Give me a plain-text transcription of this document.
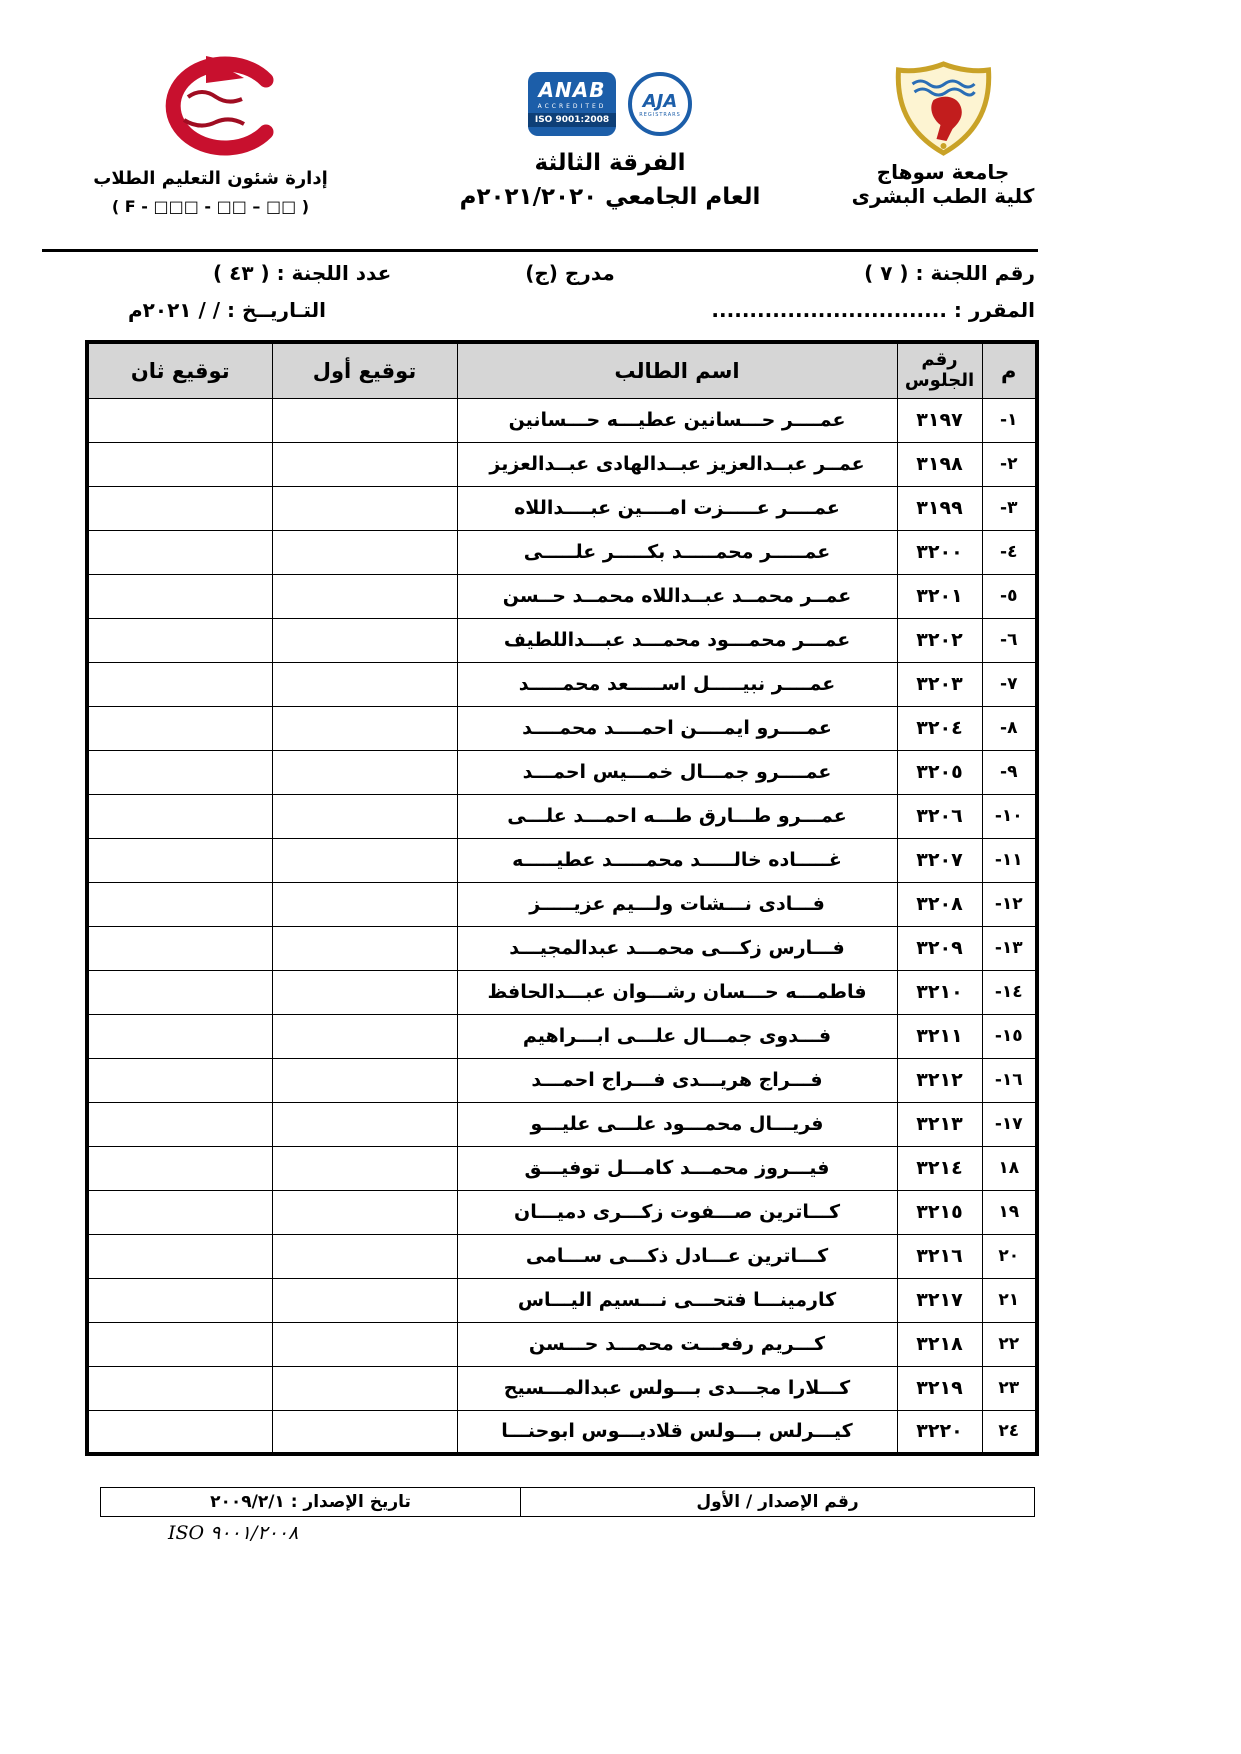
جامعة سوهاج
كلية الطب البشرى
ANAB
ACCREDITED
ISO 9001:2008
AJA
REGISTRARS
الفرقة الثالثة
العام الجامعي ٢٠٢١/٢٠٢٠م
إدارة شئون التعليم الطلاب
( F - □□□ - □□ – □□ )
رقم اللجنة : ( ٧ )
مدرج (ج)
عدد اللجنة : ( ٤٣ )
المقرر : ...............................
التـاريــخ : / / ٢٠٢١م
م	رقم الجلوس	اسم الطالب	توقيع أول	توقيع ثان
١-	٣١٩٧	عمــــر حـــسانين عطيـــه حـــسانين		
٢-	٣١٩٨	عمــر عبــدالعزيز عبــدالهادى عبــدالعزيز		
٣-	٣١٩٩	عمــــر عـــــزت امــــين عبــــداللاه		
٤-	٣٢٠٠	عمـــــر محمـــــد بكـــــر علـــــى		
٥-	٣٢٠١	عمــر محمــد عبــداللاه محمــد حــسن		
٦-	٣٢٠٢	عمـــر محمـــود محمـــد عبـــداللطيف		
٧-	٣٢٠٣	عمــــر نبيـــــل اســـــعد محمـــــد		
٨-	٣٢٠٤	عمــــرو ايمــــن احمــــد محمــــد		
٩-	٣٢٠٥	عمــــرو جمـــال خمـــيس احمـــد		
١٠-	٣٢٠٦	عمـــرو طـــارق طـــه احمـــد علـــى		
١١-	٣٢٠٧	غـــــاده خالـــــد محمـــــد عطيـــــه		
١٢-	٣٢٠٨	فـــادى نـــشات ولـــيم عزيـــــز		
١٣-	٣٢٠٩	فـــارس زكـــى محمـــد عبدالمجيـــد		
١٤-	٣٢١٠	فاطمـــه حـــسان رشـــوان عبـــدالحافظ		
١٥-	٣٢١١	فـــدوى جمـــال علـــى ابـــراهيم		
١٦-	٣٢١٢	فـــراج هريـــدى فـــراج احمـــد		
١٧-	٣٢١٣	فريـــال محمـــود علـــى عليـــو		
١٨	٣٢١٤	فيـــروز محمـــد كامـــل توفيـــق		
١٩	٣٢١٥	كـــاترين صـــفوت زكـــرى دميـــان		
٢٠	٣٢١٦	كـــاترين عـــادل ذكـــى ســـامى		
٢١	٣٢١٧	كارمينـــا فتحـــى نـــسيم اليـــاس		
٢٢	٣٢١٨	كـــريم رفعـــت محمـــد حـــسن		
٢٣	٣٢١٩	كـــلارا مجـــدى بـــولس عبدالمـــسيح		
٢٤	٣٢٢٠	كيـــرلس بـــولس قلاديـــوس ابوحنـــا		
رقم الإصدار / الأول
تاريخ الإصدار : ٢٠٠٩/٢/١
ISO ٩٠٠١/٢٠٠٨
